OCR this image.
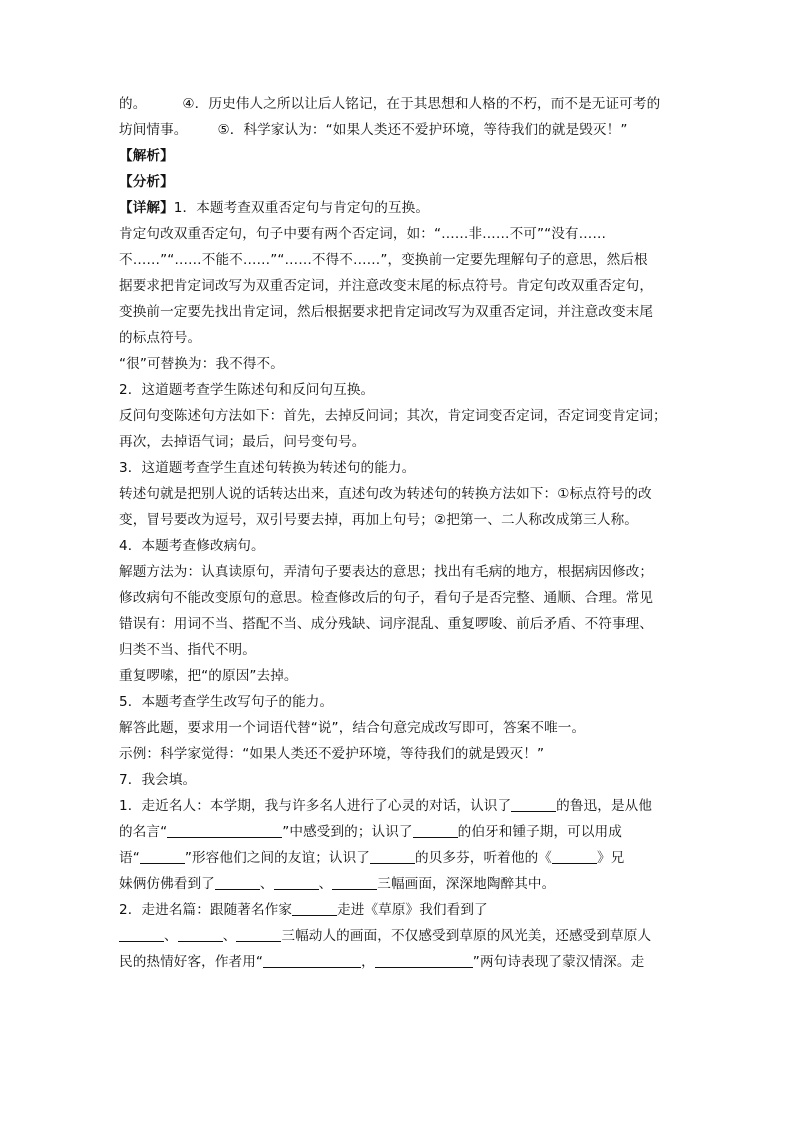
的。	④．历史伟人之所以让后人铭记，在于其思想和人格的不朽，而不是无证可考的
坊间情事。 ⑤．科学家认为：“如果人类还不爱护环境，等待我们的就是毁灭！”
【解析】
【分析】
【详解】1．本题考查双重否定句与肯定句的互换。
肯定句改双重否定句，句子中要有两个否定词，如：“……非……不可”“没有……
不……”“……不能不……”“……不得不……”，变换前一定要先理解句子的意思，然后根
据要求把肯定词改写为双重否定词，并注意改变末尾的标点符号。肯定句改双重否定句，
变换前一定要先找出肯定词，然后根据要求把肯定词改写为双重否定词，并注意改变末尾
的标点符号。
“很”可替换为：我不得不。
2．这道题考查学生陈述句和反问句互换。
反问句变陈述句方法如下：首先，去掉反问词；其次，肯定词变否定词，否定词变肯定词；
再次，去掉语气词；最后，问号变句号。
3．这道题考查学生直述句转换为转述句的能力。
转述句就是把别人说的话转达出来，直述句改为转述句的转换方法如下：①标点符号的改
变，冒号要改为逗号，双引号要去掉，再加上句号；②把第一、二人称改成第三人称。
4．本题考查修改病句。
解题方法为：认真读原句，弄清句子要表达的意思；找出有毛病的地方，根据病因修改；
修改病句不能改变原句的意思。检查修改后的句子，看句子是否完整、通顺、合理。常见
错误有：用词不当、搭配不当、成分残缺、词序混乱、重复啰唆、前后矛盾、不符事理、
归类不当、指代不明。
重复啰嗦，把“的原因”去掉。
5．本题考查学生改写句子的能力。
解答此题，要求用一个词语代替“说”，结合句意完成改写即可，答案不唯一。
示例：科学家觉得：“如果人类还不爱护环境，等待我们的就是毁灭！”
7．我会填。
1．走近名人：本学期，我与许多名人进行了心灵的对话，认识了	的鲁迅，是从他
的名言“	”中感受到的；认识了	的伯牙和锺子期，可以用成
语“	”形容他们之间的友谊；认识了	的贝多芬，听着他的《	》兄
妹俩仿佛看到了	、	、	三幅画面，深深地陶醉其中。
2．走进名篇：跟随著名作家	走进《草原》我们看到了
、	、	三幅动人的画面，不仅感受到草原的风光美，还感受到草原人
民的热情好客，作者用“	，	”两句诗表现了蒙汉情深。走
